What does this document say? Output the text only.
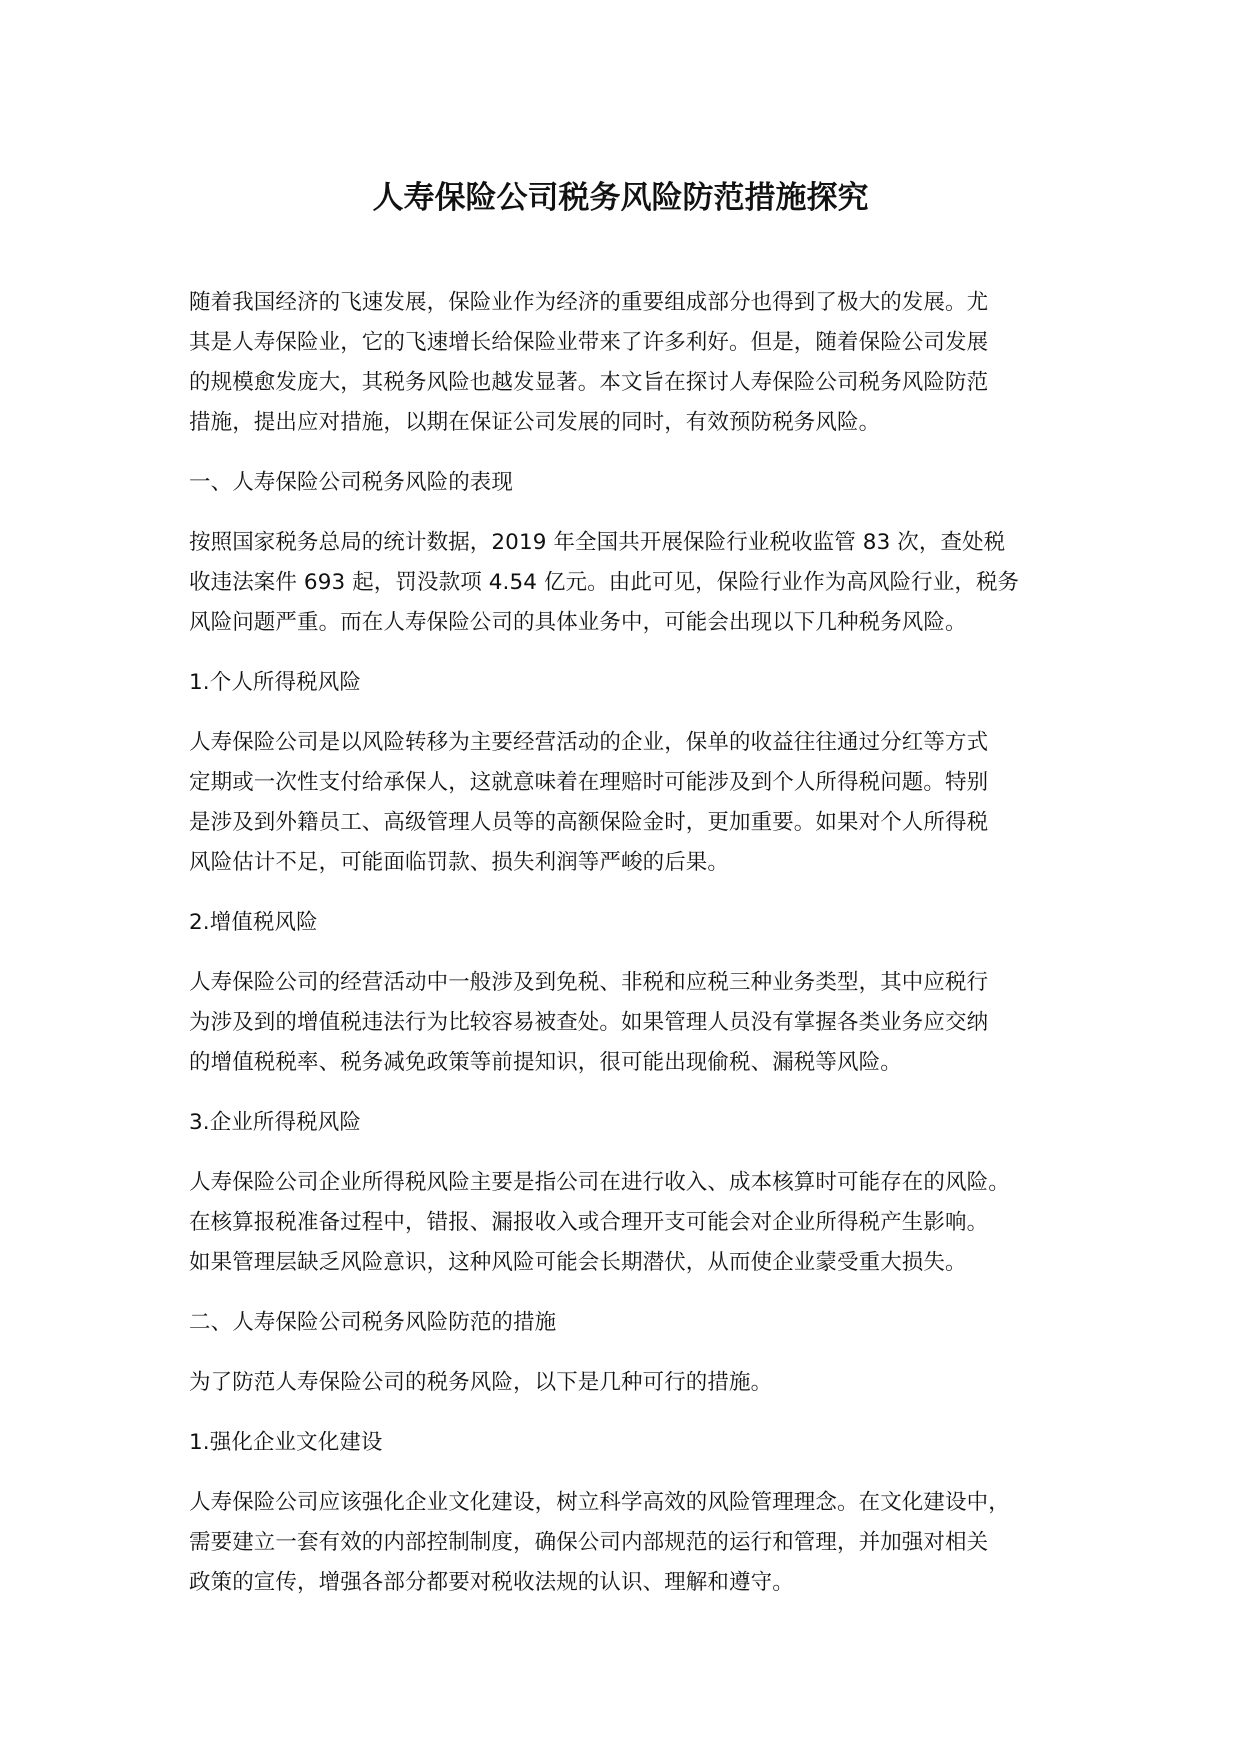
人寿保险公司税务风险防范措施探究
随着我国经济的飞速发展，保险业作为经济的重要组成部分也得到了极大的发展。尤
其是人寿保险业，它的飞速增长给保险业带来了许多利好。但是，随着保险公司发展
的规模愈发庞大，其税务风险也越发显著。本文旨在探讨人寿保险公司税务风险防范
措施，提出应对措施，以期在保证公司发展的同时，有效预防税务风险。
一、人寿保险公司税务风险的表现
按照国家税务总局的统计数据，2019 年全国共开展保险行业税收监管 83 次，查处税
收违法案件 693 起，罚没款项 4.54 亿元。由此可见，保险行业作为高风险行业，税务
风险问题严重。而在人寿保险公司的具体业务中，可能会出现以下几种税务风险。
1.个人所得税风险
人寿保险公司是以风险转移为主要经营活动的企业，保单的收益往往通过分红等方式
定期或一次性支付给承保人，这就意味着在理赔时可能涉及到个人所得税问题。特别
是涉及到外籍员工、高级管理人员等的高额保险金时，更加重要。如果对个人所得税
风险估计不足，可能面临罚款、损失利润等严峻的后果。
2.增值税风险
人寿保险公司的经营活动中一般涉及到免税、非税和应税三种业务类型，其中应税行
为涉及到的增值税违法行为比较容易被查处。如果管理人员没有掌握各类业务应交纳
的增值税税率、税务减免政策等前提知识，很可能出现偷税、漏税等风险。
3.企业所得税风险
人寿保险公司企业所得税风险主要是指公司在进行收入、成本核算时可能存在的风险。
在核算报税准备过程中，错报、漏报收入或合理开支可能会对企业所得税产生影响。
如果管理层缺乏风险意识，这种风险可能会长期潜伏，从而使企业蒙受重大损失。
二、人寿保险公司税务风险防范的措施
为了防范人寿保险公司的税务风险，以下是几种可行的措施。
1.强化企业文化建设
人寿保险公司应该强化企业文化建设，树立科学高效的风险管理理念。在文化建设中，
需要建立一套有效的内部控制制度，确保公司内部规范的运行和管理，并加强对相关
政策的宣传，增强各部分都要对税收法规的认识、理解和遵守。
